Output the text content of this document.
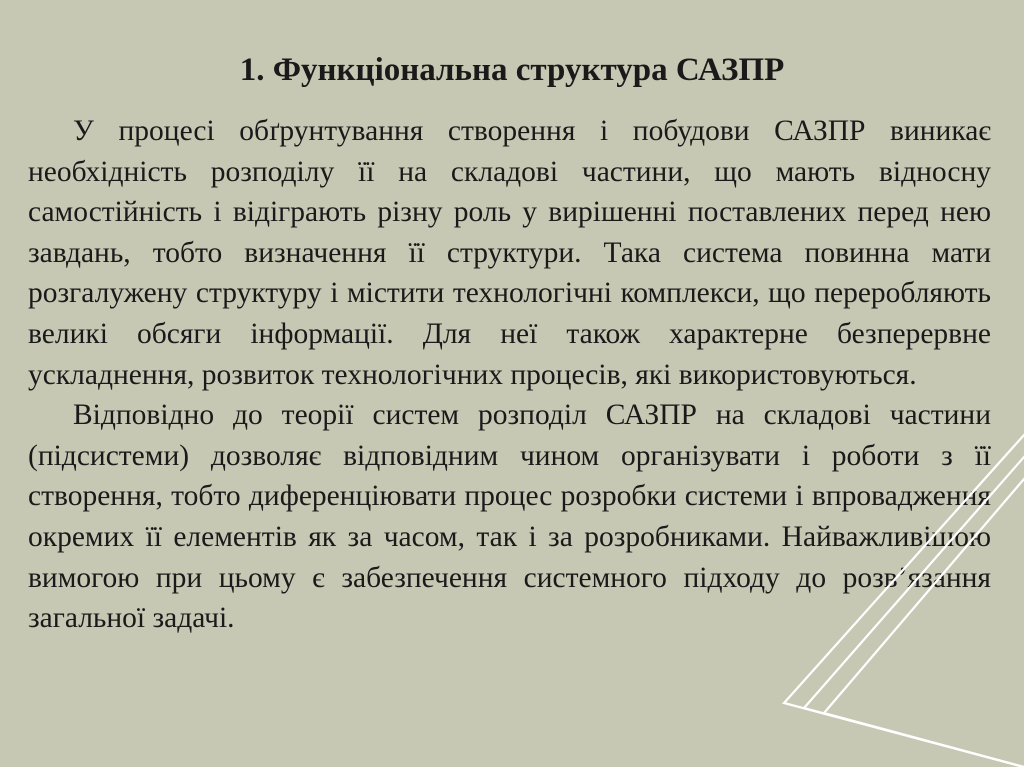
1. Функціональна структура САЗПР

У процесі обґрунтування створення і побудови САЗПР виникає необхідність розподілу її на складові частини, що мають відносну самостійність і відіграють різну роль у вирішенні поставлених перед нею завдань, тобто визначення її структури. Така система повинна мати розгалужену структуру і містити технологічні комплекси, що переробляють великі обсяги інформації. Для неї також характерне безперервне ускладнення, розвиток технологічних процесів, які використовуються.

Відповідно до теорії систем розподіл САЗПР на складові частини (підсистеми) дозволяє відповідним чином організувати і роботи з її створення, тобто диференціювати процес розробки системи і впровадження окремих її елементів як за часом, так і за розробниками. Найважливішою вимогою при цьому є забезпечення системного підходу до розв’язання загальної задачі.
